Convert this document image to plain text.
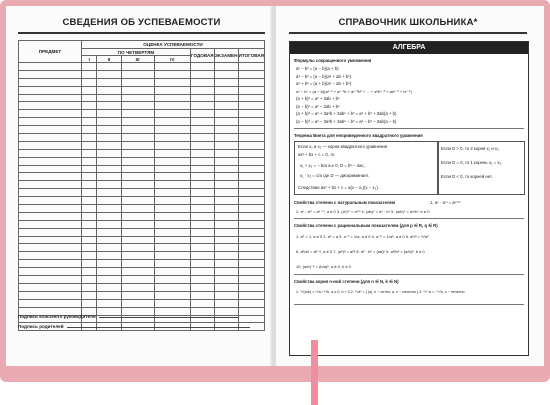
СВЕДЕНИЯ ОБ УСПЕВАЕМОСТИ
ПРЕДМЕТ	ОЦЕНКА УСПЕВАЕМОСТИ						
	ПО ЧЕТВЕРТЯМ				ГОДОВАЯ	ЭКЗАМЕН	ИТОГОВАЯ
	I	II	III	IV			

Подпись классного руководителя
Подпись родителей
СПРАВОЧНИК ШКОЛЬНИКА*
АЛГЕБРА
Формулы сокращенного умножения
a² − b² = (a − b)(a + b)
a³ − b³ = (a − b)(a² + ab + b²)
a³ + b³ = (a + b)(a² − ab + b²)
aⁿ − bⁿ = (a − b)(aⁿ⁻¹ + aⁿ⁻²b + aⁿ⁻³b² + ... + a²bⁿ⁻³ + abⁿ⁻² + bⁿ⁻¹)
(a + b)² = a² + 2ab + b²
(a − b)² = a² − 2ab + b²
(a + b)³ = a³ + 3a²b + 3ab² + b³ = a³ + b³ + 3ab(a + b)
(a − b)³ = a³ − 3a²b + 3ab² − b³ = a³ − b³ − 3ab(a − b)
Теорема Виета для неприведенного квадратного уравнения
Если x₁ и x₂ — корни квадратного уравнения
ax² + bx + c = 0, то
x₁ + x₂ = − b/a a ≠ 0, D = b² − 4ac,
x₁ · x₂ = c/a где D — дискриминант.
Следствие ax² + bx + c = a(x − x₁)(x − x₂).
Если D > 0, то 2 корня x₁ и x₂.
Если D = 0, то 1 корень x₁ = x₂.
Если D < 0, то корней нет.
Свойства степени с натуральным показателем	1. aⁿ · aᵐ = aⁿ⁺ᵐ
2. aⁿ : aᵐ = aⁿ⁻ᵐ, a ≠ 0 3. (aⁿ)ᵐ = aⁿᵐ 4. (ab)ⁿ = aⁿ · bⁿ 5. (a/b)ⁿ = aⁿ/bⁿ, b ≠ 0
Свойства степени с рациональным показателем (для p ∈ R, q ∈ R)
1. a⁰ = 1, a ≠ 0 2. a¹ = a 3. a⁻¹ = 1/a, a ≠ 0 4. a⁻ᵖ = 1/aᵖ, a ≠ 0 5. aᵖ/ᵍ = ᵍ√aᵖ
6. aᵖ/aᵍ = aᵖ⁻ᵍ, a ≠ 0 7. (aᵖ)ᵍ = aᵖᵍ 8. aᵖ · bᵖ = (ab)ᵖ 9. aᵖ/bᵖ = (a/b)ᵖ, b ≠ 0
10. (a/b)⁻ᵖ = (b/a)ᵖ, a ≠ 0, b ≠ 0
Свойства корня n-ной степени (для n ∈ N, k ∈ N)
1. ⁿ√(a/b) = ⁿ√a / ⁿ√b, a ≥ 0, b > 0 2. ⁿ√aⁿ = { |a|, n − четно; a, n − нечетно } 3. ⁿ√−a = −ⁿ√a, n − нечетно
